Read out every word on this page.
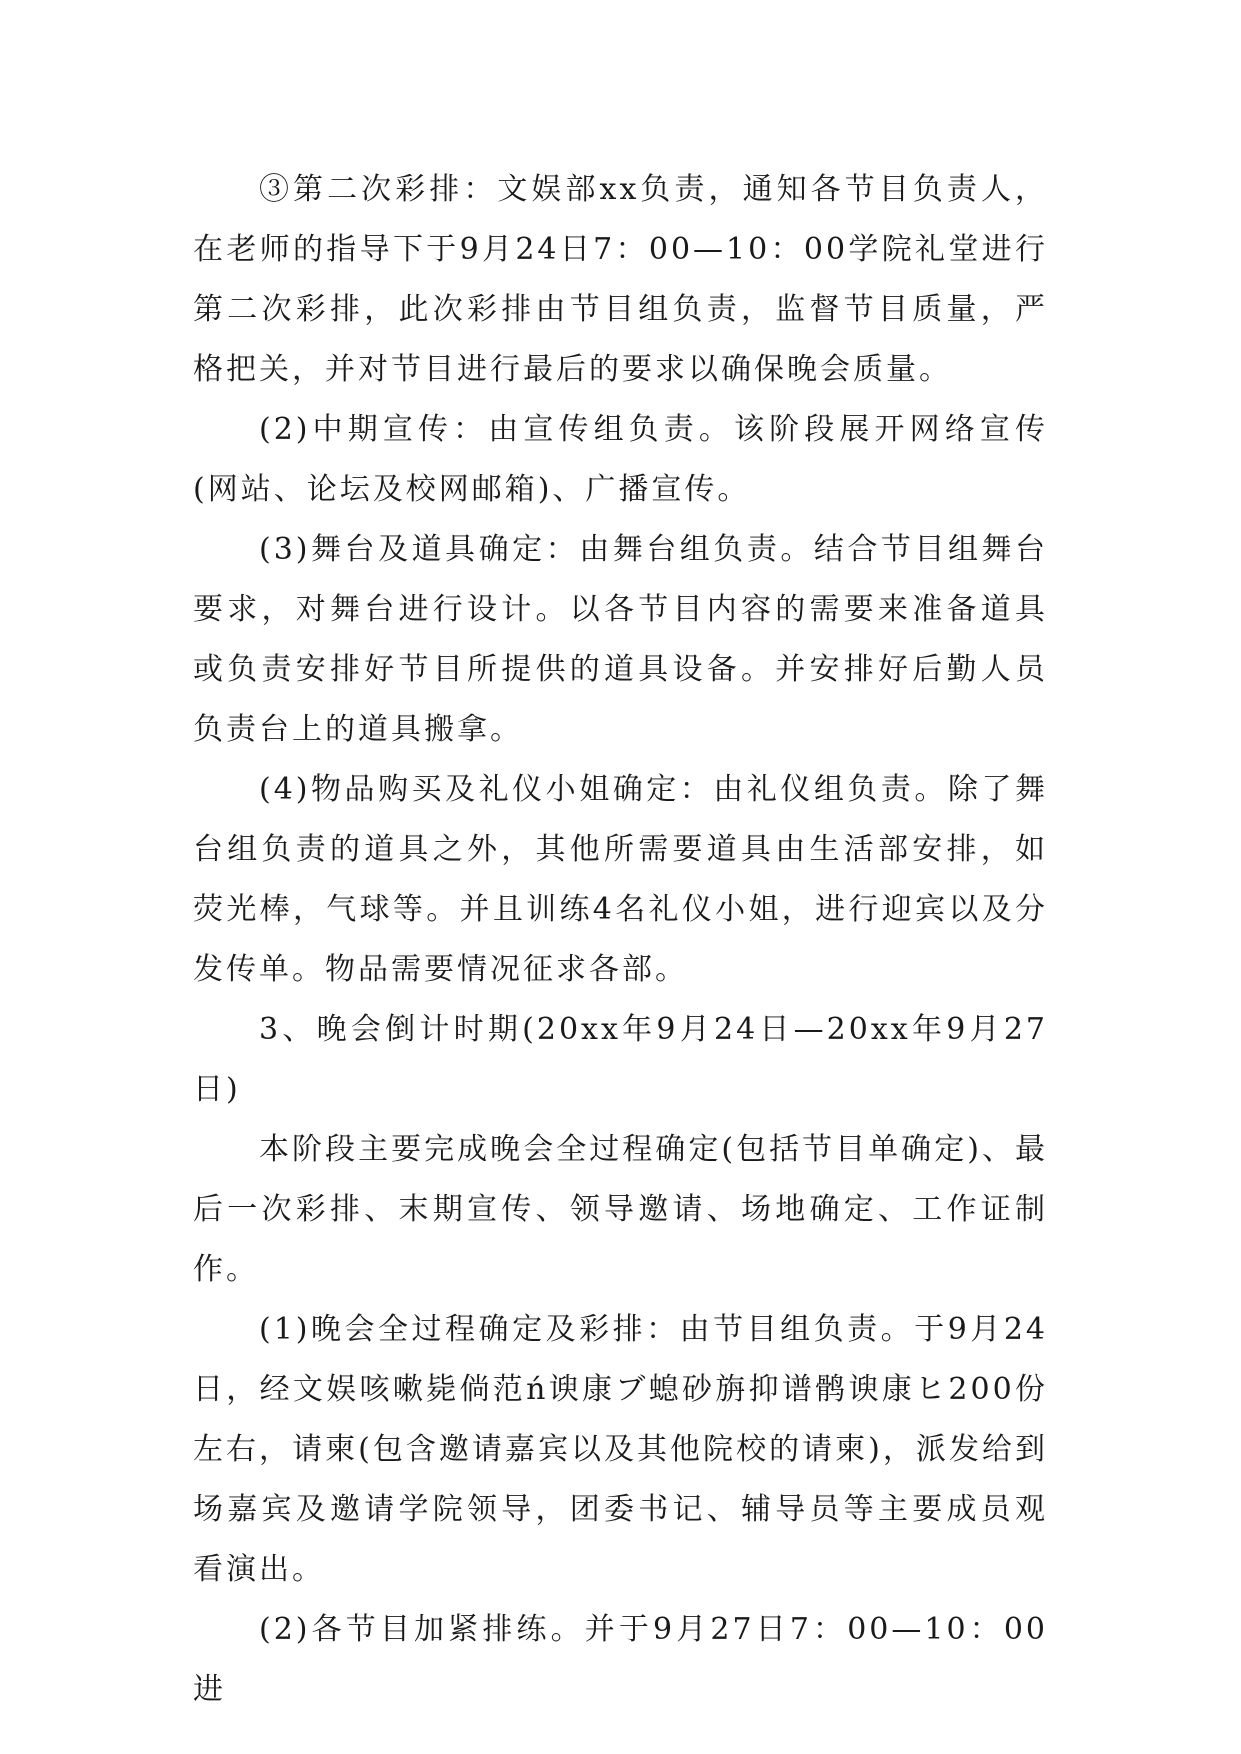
③第二次彩排：文娱部xx负责，通知各节目负责人，在老师的指导下于9月24日7：00—10：00学院礼堂进行第二次彩排，此次彩排由节目组负责，监督节目质量，严格把关，并对节目进行最后的要求以确保晚会质量。

(2)中期宣传：由宣传组负责。该阶段展开网络宣传(网站、论坛及校网邮箱)、广播宣传。

(3)舞台及道具确定：由舞台组负责。结合节目组舞台要求，对舞台进行设计。以各节目内容的需要来准备道具或负责安排好节目所提供的道具设备。并安排好后勤人员负责台上的道具搬拿。

(4)物品购买及礼仪小姐确定：由礼仪组负责。除了舞台组负责的道具之外，其他所需要道具由生活部安排，如荧光棒，气球等。并且训练4名礼仪小姐，进行迎宾以及分发传单。物品需要情况征求各部。

3、晚会倒计时期(20xx年9月24日—20xx年9月27日)

本阶段主要完成晚会全过程确定(包括节目单确定)、最后一次彩排、末期宣传、领导邀请、场地确定、工作证制作。

(1)晚会全过程确定及彩排：由节目组负责。于9月24日，经文娱咳嗽毙倘范ń谀康ブ螅砂旃抑谱鹘谀康ヒ200份左右，请柬(包含邀请嘉宾以及其他院校的请柬)，派发给到场嘉宾及邀请学院领导，团委书记、辅导员等主要成员观看演出。

(2)各节目加紧排练。并于9月27日7：00—10：00进
